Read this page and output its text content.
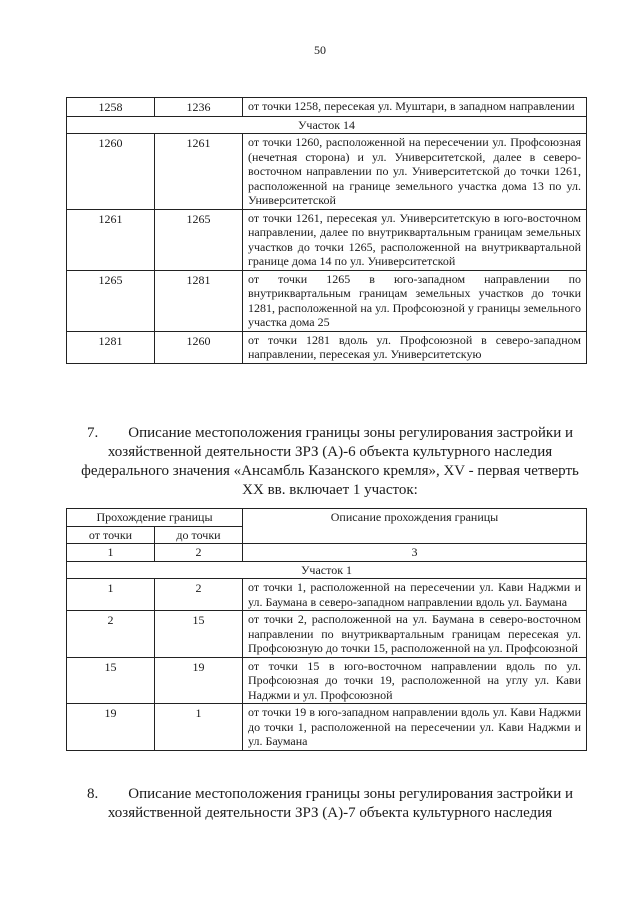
50
1258	1236	от точки 1258, пересекая ул. Муштари, в западном направлении
Участок 14		
1260	1261	от точки 1260, расположенной на пересечении ул. Профсоюзная (нечетная сторона) и ул. Университетской, далее в северо-восточном направлении по ул. Университетской до точки 1261, расположенной на границе земельного участка дома 13 по ул. Университетской
1261	1265	от точки 1261, пересекая ул. Университетскую в юго-восточном направлении, далее по внутриквартальным границам земельных участков до точки 1265, расположенной на внутриквартальной границе дома 14 по ул. Университетской
1265	1281	от точки 1265 в юго-западном направлении по внутриквартальным границам земельных участков до точки 1281, расположенной на ул. Профсоюзной у границы земельного участка дома 25
1281	1260	от точки 1281 вдоль ул. Профсоюзной в северо-западном направлении, пересекая ул. Университетскую
7. Описание местоположения границы зоны регулирования застройки и хозяйственной деятельности ЗРЗ (А)-6 объекта культурного наследия федерального значения «Ансамбль Казанского кремля», XV - первая четверть XX вв. включает 1 участок:
Прохождение границы		Описание прохождения границы
от точки	до точки	
1	2	3
Участок 1		
1	2	от точки 1, расположенной на пересечении ул. Кави Наджми и ул. Баумана в северо-западном направлении вдоль ул. Баумана
2	15	от точки 2, расположенной на ул. Баумана в северо-восточном направлении по внутриквартальным границам пересекая ул. Профсоюзную до точки 15, расположенной на ул. Профсоюзной
15	19	от точки 15 в юго-восточном направлении вдоль по ул. Профсоюзная до точки 19, расположенной на углу ул. Кави Наджми и ул. Профсоюзной
19	1	от точки 19 в юго-западном направлении вдоль ул. Кави Наджми до точки 1, расположенной на пересечении ул. Кави Наджми и ул. Баумана
8. Описание местоположения границы зоны регулирования застройки и хозяйственной деятельности ЗРЗ (А)-7 объекта культурного наследия
